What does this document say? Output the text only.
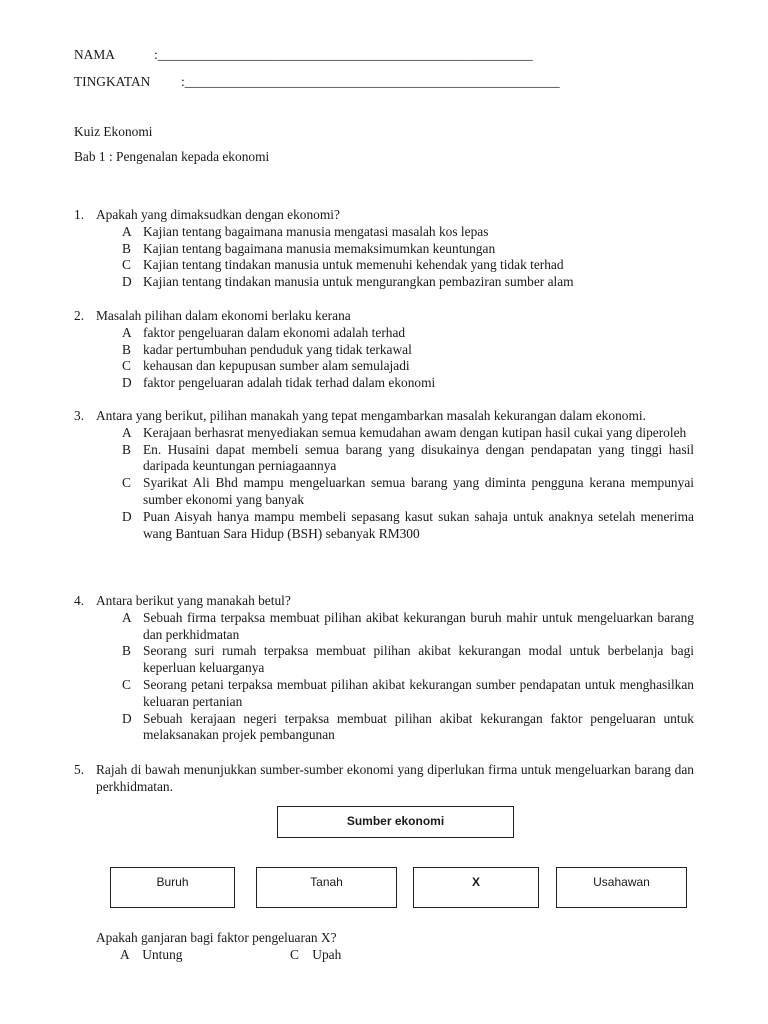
NAMA	:________________________________________________________
TINGKATAN :________________________________________________________
Kuiz Ekonomi
Bab 1 : Pengenalan kepada ekonomi
1. Apakah yang dimaksudkan dengan ekonomi?
A Kajian tentang bagaimana manusia mengatasi masalah kos lepas
B Kajian tentang bagaimana manusia memaksimumkan keuntungan
C Kajian tentang tindakan manusia untuk memenuhi kehendak yang tidak terhad
D Kajian tentang tindakan manusia untuk mengurangkan pembaziran sumber alam
2. Masalah pilihan dalam ekonomi berlaku kerana
A faktor pengeluaran dalam ekonomi adalah terhad
B kadar pertumbuhan penduduk yang tidak terkawal
C kehausan dan kepupusan sumber alam semulajadi
D faktor pengeluaran adalah tidak terhad dalam ekonomi
3. Antara yang berikut, pilihan manakah yang tepat mengambarkan masalah kekurangan dalam ekonomi.
A Kerajaan berhasrat menyediakan semua kemudahan awam dengan kutipan hasil cukai yang diperoleh
B En. Husaini dapat membeli semua barang yang disukainya dengan pendapatan yang tinggi hasil daripada keuntungan perniagaannya
C Syarikat Ali Bhd mampu mengeluarkan semua barang yang diminta pengguna kerana mempunyai sumber ekonomi yang banyak
D Puan Aisyah hanya mampu membeli sepasang kasut sukan sahaja untuk anaknya setelah menerima wang Bantuan Sara Hidup (BSH) sebanyak RM300
4. Antara berikut yang manakah betul?
A Sebuah firma terpaksa membuat pilihan akibat kekurangan buruh mahir untuk mengeluarkan barang dan perkhidmatan
B Seorang suri rumah terpaksa membuat pilihan akibat kekurangan modal untuk berbelanja bagi keperluan keluarganya
C Seorang petani terpaksa membuat pilihan akibat kekurangan sumber pendapatan untuk menghasilkan keluaran pertanian
D Sebuah kerajaan negeri terpaksa membuat pilihan akibat kekurangan faktor pengeluaran untuk melaksanakan projek pembangunan
5. Rajah di bawah menunjukkan sumber-sumber ekonomi yang diperlukan firma untuk mengeluarkan barang dan perkhidmatan.
Sumber ekonomi
Buruh	Tanah	X	Usahawan
Apakah ganjaran bagi faktor pengeluaran X?
A Untung	C Upah
